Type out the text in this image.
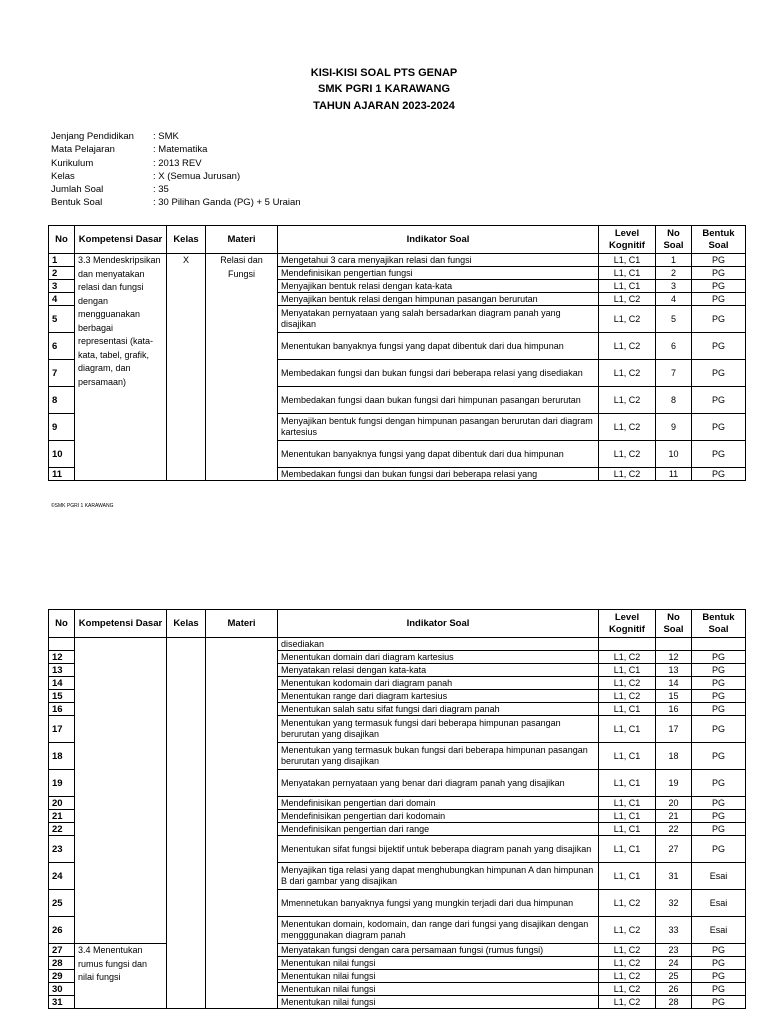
KISI-KISI SOAL PTS GENAP
SMK PGRI 1 KARAWANG
TAHUN AJARAN 2023-2024
Jenjang Pendidikan	: SMK
Mata Pelajaran	: Matematika
Kurikulum	: 2013 REV
Kelas	: X (Semua Jurusan)
Jumlah Soal	: 35
Bentuk Soal	: 30 Pilihan Ganda (PG) + 5 Uraian
No	Kompetensi Dasar	Kelas	Materi	Indikator Soal	Level Kognitif	No Soal	Bentuk Soal
1	3.3 Mendeskripsikan dan menyatakan relasi dan fungsi dengan mengguanakan berbagai representasi (kata-kata, tabel, grafik, diagram, dan persamaan)	X	Relasi dan Fungsi	Mengetahui 3 cara menyajikan relasi dan fungsi	L1, C1	1	PG
2				Mendefinisikan pengertian fungsi	L1, C1	2	PG
3				Menyajikan bentuk relasi dengan kata-kata	L1, C1	3	PG
4				Menyajikan bentuk relasi dengan himpunan pasangan berurutan	L1, C2	4	PG
5				Menyatakan pernyataan yang salah bersadarkan diagram panah yang disajikan	L1, C2	5	PG
6				Menentukan banyaknya fungsi yang dapat dibentuk dari dua himpunan	L1, C2	6	PG
7				Membedakan fungsi dan bukan fungsi dari beberapa relasi yang disediakan	L1, C2	7	PG
8				Membedakan fungsi daan bukan fungsi dari himpunan pasangan berurutan	L1, C2	8	PG
9				Menyajikan bentuk fungsi dengan himpunan pasangan berurutan dari diagram kartesius	L1, C2	9	PG
10				Menentukan banyaknya fungsi yang dapat dibentuk dari dua himpunan	L1, C2	10	PG
11				Membedakan fungsi dan bukan fungsi dari beberapa relasi yang	L1, C2	11	PG
©SMK PGRI 1 KARAWANG
No	Kompetensi Dasar	Kelas	Materi	Indikator Soal	Level Kognitif	No Soal	Bentuk Soal
				disediakan			
12				Menentukan domain dari diagram kartesius	L1, C2	12	PG
13				Menyatakan relasi dengan kata-kata	L1, C1	13	PG
14				Menentukan kodomain dari diagram panah	L1, C2	14	PG
15				Menentukan range dari diagram kartesius	L1, C2	15	PG
16				Menentukan salah satu sifat fungsi dari diagram panah	L1, C1	16	PG
17				Menentukan yang termasuk fungsi dari beberapa himpunan pasangan berurutan yang disajikan	L1, C1	17	PG
18				Menentukan yang termasuk bukan fungsi dari beberapa himpunan pasangan berurutan yang disajikan	L1, C1	18	PG
19				Menyatakan pernyataan yang benar dari diagram panah yang disajikan	L1, C1	19	PG
20				Mendefinisikan pengertian dari domain	L1, C1	20	PG
21				Mendefinisikan pengertian dari kodomain	L1, C1	21	PG
22				Mendefinisikan pengertian dari range	L1, C1	22	PG
23				Menentukan sifat fungsi bijektif untuk beberapa diagram panah yang disajikan	L1, C1	27	PG
24				Menyajikan tiga relasi yang dapat menghubungkan himpunan A dan himpunan B dari gambar yang disajikan	L1, C1	31	Esai
25				Mmennetukan banyaknya fungsi yang mungkin terjadi dari dua himpunan	L1, C2	32	Esai
26				Menentukan domain, kodomain, dan range dari fungsi yang disajikan dengan mengggunakan diagram panah	L1, C2	33	Esai
27	3.4 Menentukan rumus fungsi dan nilai fungsi			Menyatakan fungsi dengan cara persamaan fungsi (rumus fungsi)	L1, C2	23	PG
28				Menentukan nilai fungsi	L1, C2	24	PG
29				Menentukan nilai fungsi	L1, C2	25	PG
30				Menentukan nilai fungsi	L1, C2	26	PG
31				Menentukan nilai fungsi	L1, C2	28	PG
